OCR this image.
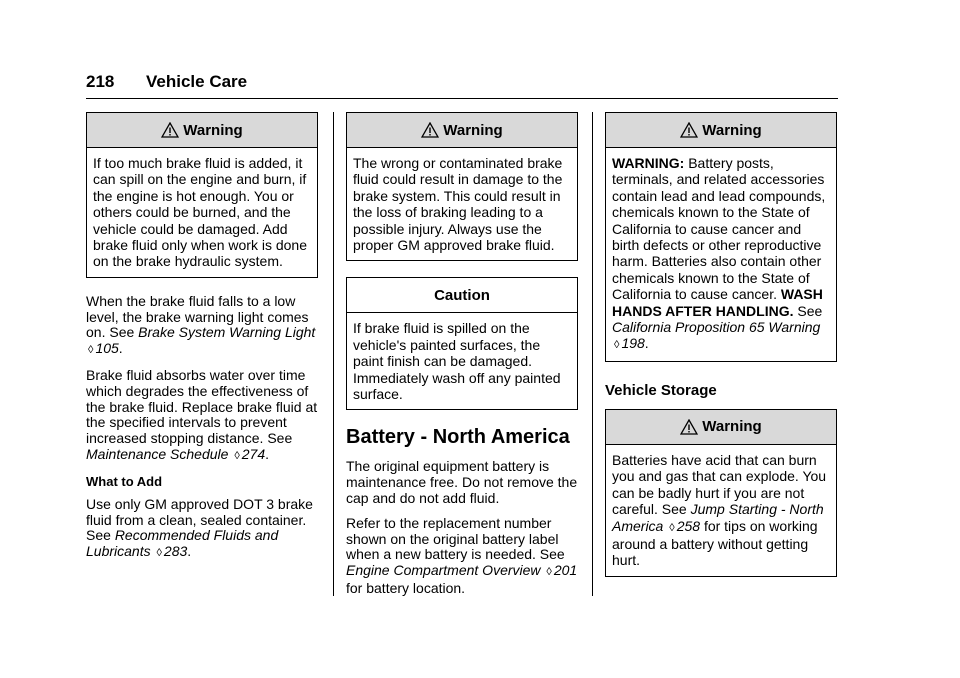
218 Vehicle Care
Warning
If too much brake fluid is added, it can spill on the engine and burn, if the engine is hot enough. You or others could be burned, and the vehicle could be damaged. Add brake fluid only when work is done on the brake hydraulic system.

When the brake fluid falls to a low level, the brake warning light comes on. See Brake System Warning Light ◊ 105.

Brake fluid absorbs water over time which degrades the effectiveness of the brake fluid. Replace brake fluid at the specified intervals to prevent increased stopping distance. See Maintenance Schedule ◊ 274.

What to Add

Use only GM approved DOT 3 brake fluid from a clean, sealed container. See Recommended Fluids and Lubricants ◊ 283.

Warning
The wrong or contaminated brake fluid could result in damage to the brake system. This could result in the loss of braking leading to a possible injury. Always use the proper GM approved brake fluid.
Caution
If brake fluid is spilled on the vehicle's painted surfaces, the paint finish can be damaged. Immediately wash off any painted surface.
Battery - North America

The original equipment battery is maintenance free. Do not remove the cap and do not add fluid.

Refer to the replacement number shown on the original battery label when a new battery is needed. See Engine Compartment Overview ◊ 201 for battery location.

Warning
WARNING: Battery posts, terminals, and related accessories contain lead and lead compounds, chemicals known to the State of California to cause cancer and birth defects or other reproductive harm. Batteries also contain other chemicals known to the State of California to cause cancer. WASH HANDS AFTER HANDLING. See California Proposition 65 Warning ◊ 198.
Vehicle Storage
Warning
Batteries have acid that can burn you and gas that can explode. You can be badly hurt if you are not careful. See Jump Starting - North America ◊ 258 for tips on working around a battery without getting hurt.
